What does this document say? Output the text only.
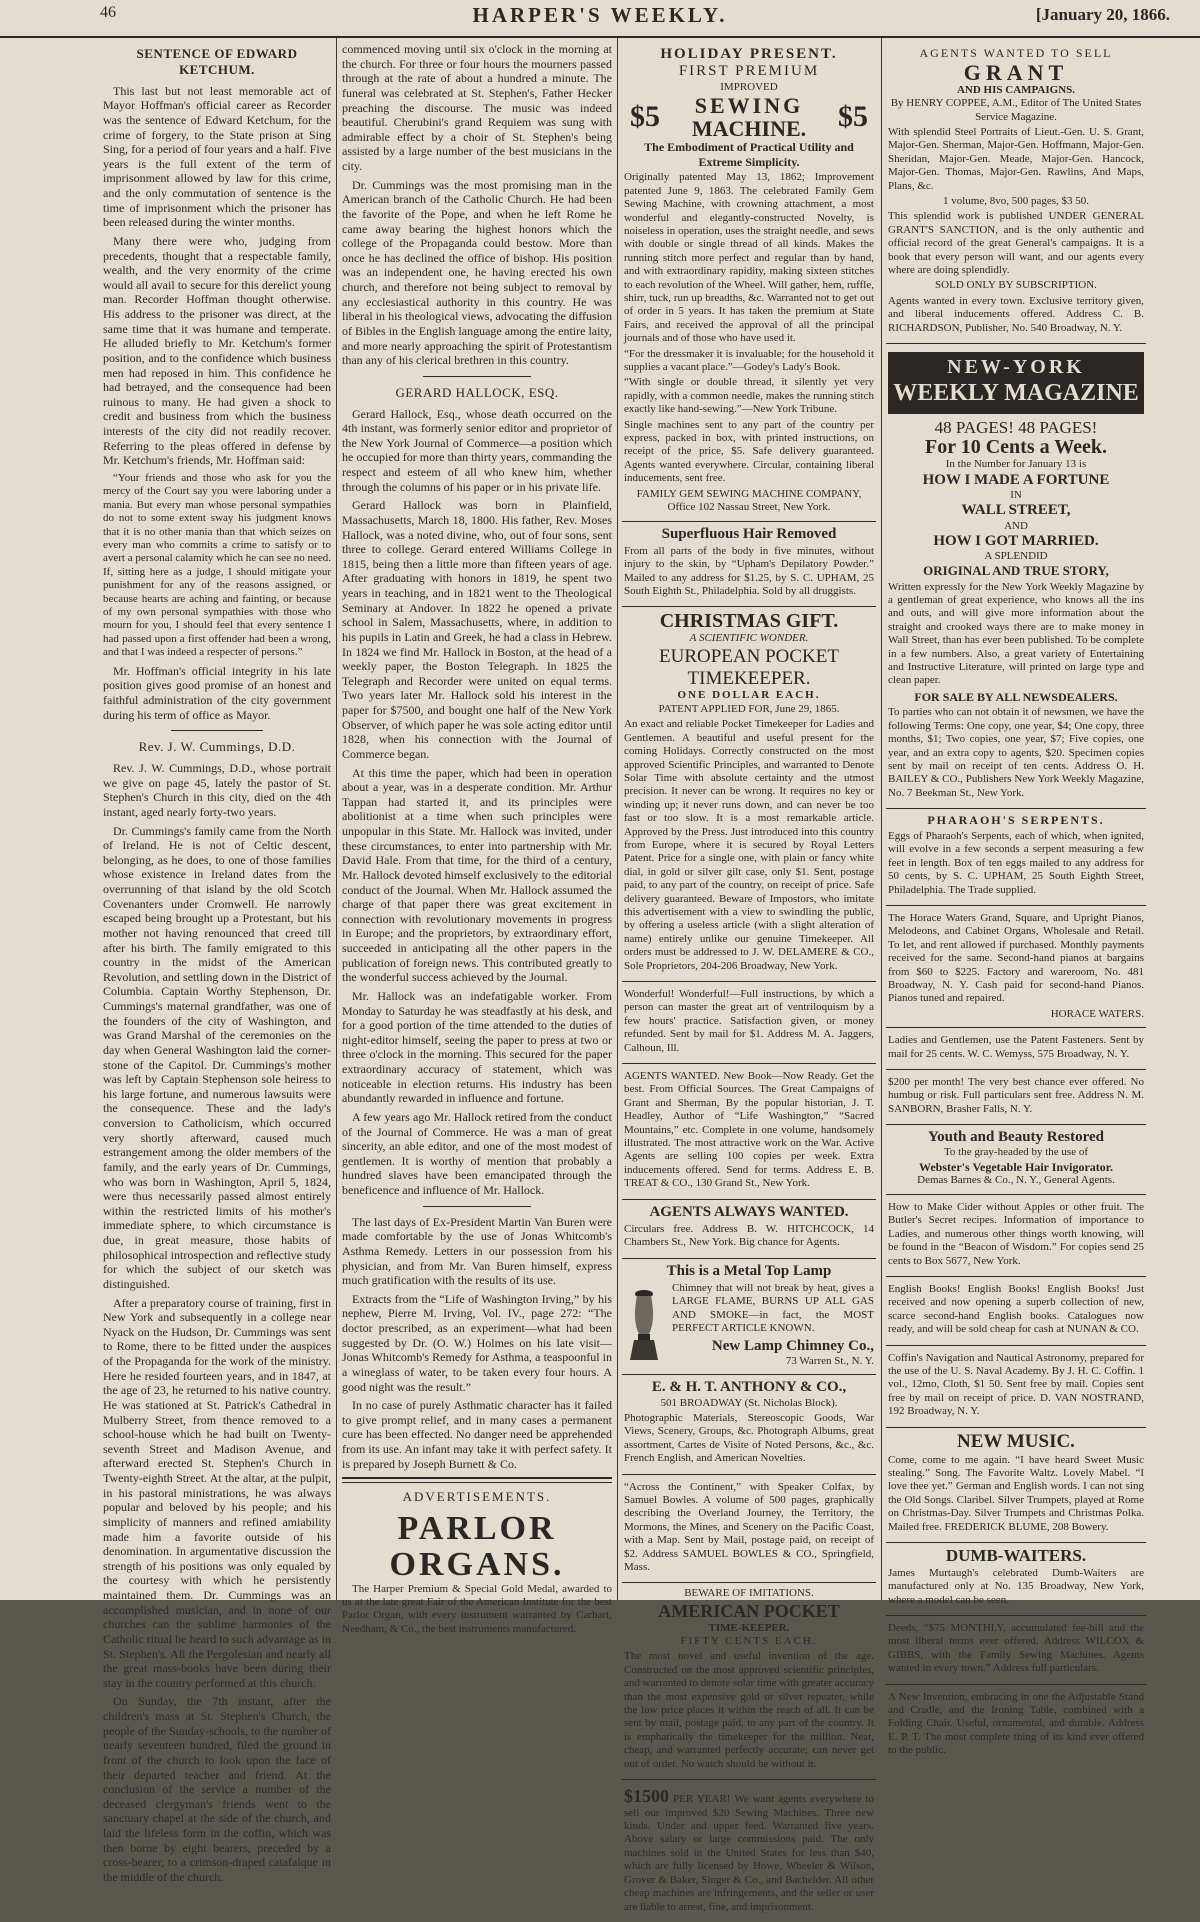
46	HARPER'S WEEKLY.	[January 20, 1866.
SENTENCE OF EDWARD KETCHUM.

This last but not least memorable act of Mayor Hoffman's official career as Recorder was the sentence of Edward Ketchum, for the crime of forgery, to the State prison at Sing Sing, for a period of four years and a half. Five years is the full extent of the term of imprisonment allowed by law for this crime, and the only commutation of sentence is the time of imprisonment which the prisoner has been released during the winter months.

Many there were who, judging from precedents, thought that a respectable family, wealth, and the very enormity of the crime would all avail to secure for this derelict young man. Recorder Hoffman thought otherwise. His address to the prisoner was direct, at the same time that it was humane and temperate. He alluded briefly to Mr. Ketchum's former position, and to the confidence which business men had reposed in him. This confidence he had betrayed, and the consequence had been ruinous to many. He had given a shock to credit and business from which the business interests of the city did not readily recover. Referring to the pleas offered in defense by Mr. Ketchum's friends, Mr. Hoffman said:

“Your friends and those who ask for you the mercy of the Court say you were laboring under a mania. But every man whose personal sympathies do not to some extent sway his judgment knows that it is no other mania than that which seizes on every man who commits a crime to satisfy or to avert a personal calamity which he can see no need. If, sitting here as a judge, I should mitigate your punishment for any of the reasons assigned, or because hearts are aching and fainting, or because of my own personal sympathies with those who mourn for you, I should feel that every sentence I had passed upon a first offender had been a wrong, and that I was indeed a respecter of persons.”

Mr. Hoffman's official integrity in his late position gives good promise of an honest and faithful administration of the city government during his term of office as Mayor.

Rev. J. W. Cummings, D.D.

Rev. J. W. Cummings, D.D., whose portrait we give on page 45, lately the pastor of St. Stephen's Church in this city, died on the 4th instant, aged nearly forty-two years.

Dr. Cummings's family came from the North of Ireland. He is not of Celtic descent, belonging, as he does, to one of those families whose existence in Ireland dates from the overrunning of that island by the old Scotch Covenanters under Cromwell. He narrowly escaped being brought up a Protestant, but his mother not having renounced that creed till after his birth. The family emigrated to this country in the midst of the American Revolution, and settling down in the District of Columbia. Captain Worthy Stephenson, Dr. Cummings's maternal grandfather, was one of the founders of the city of Washington, and was Grand Marshal of the ceremonies on the day when General Washington laid the corner-stone of the Capitol. Dr. Cummings's mother was left by Captain Stephenson sole heiress to his large fortune, and numerous lawsuits were the consequence. These and the lady's conversion to Catholicism, which occurred very shortly afterward, caused much estrangement among the older members of the family, and the early years of Dr. Cummings, who was born in Washington, April 5, 1824, were thus necessarily passed almost entirely within the restricted limits of his mother's immediate sphere, to which circumstance is due, in great measure, those habits of philosophical introspection and reflective study for which the subject of our sketch was distinguished.

After a preparatory course of training, first in New York and subsequently in a college near Nyack on the Hudson, Dr. Cummings was sent to Rome, there to be fitted under the auspices of the Propaganda for the work of the ministry. Here he resided fourteen years, and in 1847, at the age of 23, he returned to his native country. He was stationed at St. Patrick's Cathedral in Mulberry Street, from thence removed to a school-house which he had built on Twenty-seventh Street and Madison Avenue, and afterward erected St. Stephen's Church in Twenty-eighth Street. At the altar, at the pulpit, in his pastoral ministrations, he was always popular and beloved by his people; and his simplicity of manners and refined amiability made him a favorite outside of his denomination. In argumentative discussion the strength of his positions was only equaled by the courtesy with which he persistently maintained them. Dr. Cummings was an accomplished musician, and in none of our churches can the sublime harmonies of the Catholic ritual be heard to such advantage as in St. Stephen's. All the Pergolesian and nearly all the great mass-books have been during their stay in the country performed at this church.

On Sunday, the 7th instant, after the children's mass at St. Stephen's Church, the people of the Sunday-schools, to the number of nearly seventeen hundred, filed the ground in front of the church to look upon the face of their departed teacher and friend. At the conclusion of the service a number of the deceased clergyman's friends went to the sanctuary chapel at the side of the church, and laid the lifeless form in the coffin, which was then borne by eight bearers, preceded by a cross-bearer, to a crimson-draped catafalque in the middle of the church.

commenced moving until six o'clock in the morning at the church. For three or four hours the mourners passed through at the rate of about a hundred a minute. The funeral was celebrated at St. Stephen's, Father Hecker preaching the discourse. The music was indeed beautiful. Cherubini's grand Requiem was sung with admirable effect by a choir of St. Stephen's being assisted by a large number of the best musicians in the city.

Dr. Cummings was the most promising man in the American branch of the Catholic Church. He had been the favorite of the Pope, and when he left Rome he came away bearing the highest honors which the college of the Propaganda could bestow. More than once he has declined the office of bishop. His position was an independent one, he having erected his own church, and therefore not being subject to removal by any ecclesiastical authority in this country. He was liberal in his theological views, advocating the diffusion of Bibles in the English language among the entire laity, and more nearly approaching the spirit of Protestantism than any of his clerical brethren in this country.

GERARD HALLOCK, ESQ.

Gerard Hallock, Esq., whose death occurred on the 4th instant, was formerly senior editor and proprietor of the New York Journal of Commerce—a position which he occupied for more than thirty years, commanding the respect and esteem of all who knew him, whether through the columns of his paper or in his private life.

Gerard Hallock was born in Plainfield, Massachusetts, March 18, 1800. His father, Rev. Moses Hallock, was a noted divine, who, out of four sons, sent three to college. Gerard entered Williams College in 1815, being then a little more than fifteen years of age. After graduating with honors in 1819, he spent two years in teaching, and in 1821 went to the Theological Seminary at Andover. In 1822 he opened a private school in Salem, Massachusetts, where, in addition to his pupils in Latin and Greek, he had a class in Hebrew. In 1824 we find Mr. Hallock in Boston, at the head of a weekly paper, the Boston Telegraph. In 1825 the Telegraph and Recorder were united on equal terms. Two years later Mr. Hallock sold his interest in the paper for $7500, and bought one half of the New York Observer, of which paper he was sole acting editor until 1828, when his connection with the Journal of Commerce began.

At this time the paper, which had been in operation about a year, was in a desperate condition. Mr. Arthur Tappan had started it, and its principles were abolitionist at a time when such principles were unpopular in this State. Mr. Hallock was invited, under these circumstances, to enter into partnership with Mr. David Hale. From that time, for the third of a century, Mr. Hallock devoted himself exclusively to the editorial conduct of the Journal. When Mr. Hallock assumed the charge of that paper there was great excitement in connection with revolutionary movements in progress in Europe; and the proprietors, by extraordinary effort, succeeded in anticipating all the other papers in the publication of foreign news. This contributed greatly to the wonderful success achieved by the Journal.

Mr. Hallock was an indefatigable worker. From Monday to Saturday he was steadfastly at his desk, and for a good portion of the time attended to the duties of night-editor himself, seeing the paper to press at two or three o'clock in the morning. This secured for the paper extraordinary accuracy of statement, which was noticeable in election returns. His industry has been abundantly rewarded in influence and fortune.

A few years ago Mr. Hallock retired from the conduct of the Journal of Commerce. He was a man of great sincerity, an able editor, and one of the most modest of gentlemen. It is worthy of mention that probably a hundred slaves have been emancipated through the beneficence and influence of Mr. Hallock.

The last days of Ex-President Martin Van Buren were made comfortable by the use of Jonas Whitcomb's Asthma Remedy. Letters in our possession from his physician, and from Mr. Van Buren himself, express much gratification with the results of its use.

Extracts from the “Life of Washington Irving,” by his nephew, Pierre M. Irving, Vol. IV., page 272: “The doctor prescribed, as an experiment—what had been suggested by Dr. (O. W.) Holmes on his late visit—Jonas Whitcomb's Remedy for Asthma, a teaspoonful in a wineglass of water, to be taken every four hours. A good night was the result.”

In no case of purely Asthmatic character has it failed to give prompt relief, and in many cases a permanent cure has been effected. No danger need be apprehended from its use. An infant may take it with perfect safety. It is prepared by Joseph Burnett & Co.

ADVERTISEMENTS.
PARLOR
ORGANS.

The Harper Premium & Special Gold Medal, awarded to us at the late great Fair of the American Institute for the best Parlor Organ, with every instrument warranted by Carhart, Needham, & Co., the best instruments manufactured.

HOLIDAY PRESENT.
FIRST PREMIUM
IMPROVED
$5 SEWING
MACHINE. $5
The Embodiment of Practical Utility and Extreme Simplicity.

Originally patented May 13, 1862; Improvement patented June 9, 1863. The celebrated Family Gem Sewing Machine, with crowning attachment, a most wonderful and elegantly-constructed Novelty, is noiseless in operation, uses the straight needle, and sews with double or single thread of all kinds. Makes the running stitch more perfect and regular than by hand, and with extraordinary rapidity, making sixteen stitches to each revolution of the Wheel. Will gather, hem, ruffle, shirr, tuck, run up breadths, &c. Warranted not to get out of order in 5 years. It has taken the premium at State Fairs, and received the approval of all the principal journals and of those who have used it.

“For the dressmaker it is invaluable; for the household it supplies a vacant place.”—Godey's Lady's Book.

“With single or double thread, it silently yet very rapidly, with a common needle, makes the running stitch exactly like hand-sewing.”—New York Tribune.

Single machines sent to any part of the country per express, packed in box, with printed instructions, on receipt of the price, $5. Safe delivery guaranteed. Agents wanted everywhere. Circular, containing liberal inducements, sent free.

FAMILY GEM SEWING MACHINE COMPANY,
Office 102 Nassau Street, New York.
Superfluous Hair Removed

From all parts of the body in five minutes, without injury to the skin, by “Upham's Depilatory Powder.” Mailed to any address for $1.25, by S. C. UPHAM, 25 South Eighth St., Philadelphia. Sold by all druggists.

CHRISTMAS GIFT.
A SCIENTIFIC WONDER.
EUROPEAN POCKET
TIMEKEEPER.
ONE DOLLAR EACH.
PATENT APPLIED FOR, June 29, 1865.

An exact and reliable Pocket Timekeeper for Ladies and Gentlemen. A beautiful and useful present for the coming Holidays. Correctly constructed on the most approved Scientific Principles, and warranted to Denote Solar Time with absolute certainty and the utmost precision. It never can be wrong. It requires no key or winding up; it never runs down, and can never be too fast or too slow. It is a most remarkable article. Approved by the Press. Just introduced into this country from Europe, where it is secured by Royal Letters Patent. Price for a single one, with plain or fancy white dial, in gold or silver gilt case, only $1. Sent, postage paid, to any part of the country, on receipt of price. Safe delivery guaranteed. Beware of Impostors, who imitate this advertisement with a view to swindling the public, by offering a useless article (with a slight alteration of name) entirely unlike our genuine Timekeeper. All orders must be addressed to J. W. DELAMERE & CO., Sole Proprietors, 204-206 Broadway, New York.

Wonderful! Wonderful!—Full instructions, by which a person can master the great art of ventriloquism by a few hours' practice. Satisfaction given, or money refunded. Sent by mail for $1. Address M. A. Jaggers, Calhoun, Ill.

AGENTS WANTED. New Book—Now Ready. Get the best. From Official Sources. The Great Campaigns of Grant and Sherman, By the popular historian, J. T. Headley, Author of “Life Washington,” “Sacred Mountains,” etc. Complete in one volume, handsomely illustrated. The most attractive work on the War. Active Agents are selling 100 copies per week. Extra inducements offered. Send for terms. Address E. B. TREAT & CO., 130 Grand St., New York.

AGENTS ALWAYS WANTED.

Circulars free. Address B. W. HITCHCOCK, 14 Chambers St., New York. Big chance for Agents.

This is a Metal Top Lamp

Chimney that will not break by heat, gives a LARGE FLAME, BURNS UP ALL GAS AND SMOKE—in fact, the MOST PERFECT ARTICLE KNOWN.

New Lamp Chimney Co.,
73 Warren St., N. Y.
E. & H. T. ANTHONY & CO.,
501 BROADWAY (St. Nicholas Block).

Photographic Materials, Stereoscopic Goods, War Views, Scenery, Groups, &c. Photograph Albums, great assortment, Cartes de Visite of Noted Persons, &c., &c. French English, and American Novelties.

“Across the Continent,” with Speaker Colfax, by Samuel Bowles. A volume of 500 pages, graphically describing the Overland Journey, the Territory, the Mormons, the Mines, and Scenery on the Pacific Coast, with a Map. Sent by Mail, postage paid, on receipt of $2. Address SAMUEL BOWLES & CO., Springfield, Mass.

BEWARE OF IMITATIONS.
AMERICAN POCKET
TIME-KEEPER.
FIFTY CENTS EACH.

The most novel and useful invention of the age. Constructed on the most approved scientific principles, and warranted to denote solar time with greater accuracy than the most expensive gold or silver repeater, while the low price places it within the reach of all. It can be sent by mail, postage paid, to any part of the country. It is emphatically the timekeeper for the million. Neat, cheap, and warranted perfectly accurate; can never get out of order. No watch should be without it.

$1500 PER YEAR! We want agents everywhere to sell our improved $20 Sewing Machines. Three new kinds. Under and upper feed. Warranted five years. Above salary or large commissions paid. The only machines sold in the United States for less than $40, which are fully licensed by Howe, Wheeler & Wilson, Grover & Baker, Singer & Co., and Bachelder. All other cheap machines are infringements, and the seller or user are liable to arrest, fine, and imprisonment.

AGENTS WANTED TO SELL
GRANT
AND HIS CAMPAIGNS.
By HENRY COPPEE, A.M., Editor of The United States Service Magazine.

With splendid Steel Portraits of Lieut.-Gen. U. S. Grant, Major-Gen. Sherman, Major-Gen. Hoffmann, Major-Gen. Sheridan, Major-Gen. Meade, Major-Gen. Hancock, Major-Gen. Thomas, Major-Gen. Rawlins, And Maps, Plans, &c.

1 volume, 8vo, 500 pages, $3 50.

This splendid work is published UNDER GENERAL GRANT'S SANCTION, and is the only authentic and official record of the great General's campaigns. It is a book that every person will want, and our agents every where are doing splendidly.

SOLD ONLY BY SUBSCRIPTION.

Agents wanted in every town. Exclusive territory given, and liberal inducements offered. Address C. B. RICHARDSON, Publisher, No. 540 Broadway, N. Y.

NEW-YORK
WEEKLY MAGAZINE
48 PAGES! 48 PAGES!
For 10 Cents a Week.
In the Number for January 13 is
HOW I MADE A FORTUNE
IN
WALL STREET,
AND
HOW I GOT MARRIED.
A SPLENDID
ORIGINAL AND TRUE STORY,

Written expressly for the New York Weekly Magazine by a gentleman of great experience, who knows all the ins and outs, and will give more information about the straight and crooked ways there are to make money in Wall Street, than has ever been published. To be complete in a few numbers. Also, a great variety of Entertaining and Instructive Literature, will printed on large type and clean paper.

FOR SALE BY ALL NEWSDEALERS.

To parties who can not obtain it of newsmen, we have the following Terms: One copy, one year, $4; One copy, three months, $1; Two copies, one year, $7; Five copies, one year, and an extra copy to agents, $20. Specimen copies sent by mail on receipt of ten cents. Address O. H. BAILEY & CO., Publishers New York Weekly Magazine, No. 7 Beekman St., New York.

PHARAOH'S SERPENTS.

Eggs of Pharaoh's Serpents, each of which, when ignited, will evolve in a few seconds a serpent measuring a few feet in length. Box of ten eggs mailed to any address for 50 cents, by S. C. UPHAM, 25 South Eighth Street, Philadelphia. The Trade supplied.

The Horace Waters Grand, Square, and Upright Pianos, Melodeons, and Cabinet Organs, Wholesale and Retail. To let, and rent allowed if purchased. Monthly payments received for the same. Second-hand pianos at bargains from $60 to $225. Factory and wareroom, No. 481 Broadway, N. Y. Cash paid for second-hand Pianos. Pianos tuned and repaired.

HORACE WATERS.

Ladies and Gentlemen, use the Patent Fasteners. Sent by mail for 25 cents. W. C. Wemyss, 575 Broadway, N. Y.

$200 per month! The very best chance ever offered. No humbug or risk. Full particulars sent free. Address N. M. SANBORN, Brasher Falls, N. Y.

Youth and Beauty Restored
To the gray-headed by the use of
Webster's Vegetable Hair Invigorator.
Demas Barnes & Co., N. Y., General Agents.

How to Make Cider without Apples or other fruit. The Butler's Secret recipes. Information of importance to Ladies, and numerous other things worth knowing, will be found in the “Beacon of Wisdom.” For copies send 25 cents to Box 5677, New York.

English Books! English Books! English Books! Just received and now opening a superb collection of new, scarce second-hand English books. Catalogues now ready, and will be sold cheap for cash at NUNAN & CO.

Coffin's Navigation and Nautical Astronomy, prepared for the use of the U. S. Naval Academy. By J. H. C. Coffin. 1 vol., 12mo, Cloth, $1 50. Sent free by mail. Copies sent free by mail on receipt of price. D. VAN NOSTRAND, 192 Broadway, N. Y.

NEW MUSIC.

Come, come to me again. “I have heard Sweet Music stealing.” Song. The Favorite Waltz. Lovely Mabel. “I love thee yet.” German and English words. I can not sing the Old Songs. Claribel. Silver Trumpets, played at Rome on Christmas-Day. Silver Trumpets and Christmas Polka. Mailed free. FREDERICK BLUME, 208 Bowery.

DUMB-WAITERS.

James Murtaugh's celebrated Dumb-Waiters are manufactured only at No. 135 Broadway, New York, where a model can be seen.

Deeds, “$75 MONTHLY, accumulated fee-bill and the most liberal terms ever offered. Address WILCOX & GIBBS, with the Family Sewing Machines. Agents wanted in every town.” Address full particulars.

A New Invention, embracing in one the Adjustable Stand and Cradle, and the Ironing Table, combined with a Folding Chair. Useful, ornamental, and durable. Address E. P. T. The most complete thing of its kind ever offered to the public.
